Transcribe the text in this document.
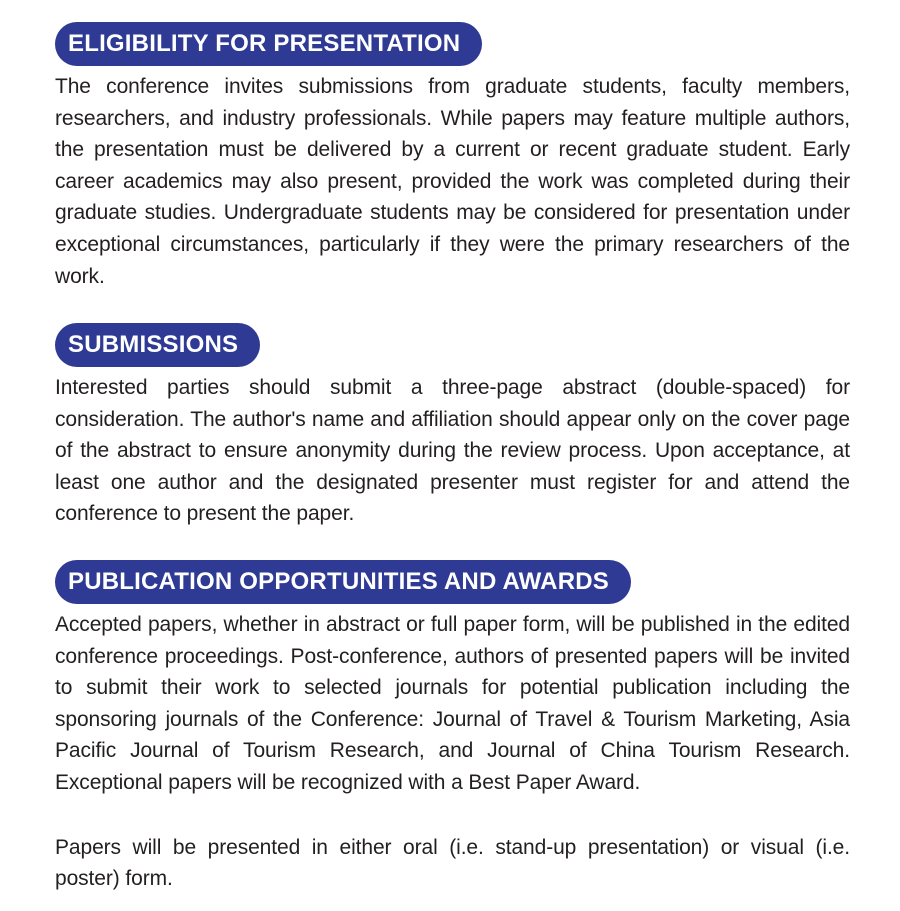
ELIGIBILITY FOR PRESENTATION

The conference invites submissions from graduate students, faculty members, researchers, and industry professionals. While papers may feature multiple authors, the presentation must be delivered by a current or recent graduate student. Early career academics may also present, provided the work was completed during their graduate studies. Undergraduate students may be considered for presentation under exceptional circumstances, particularly if they were the primary researchers of the work.

SUBMISSIONS

Interested parties should submit a three-page abstract (double-spaced) for consideration. The author's name and affiliation should appear only on the cover page of the abstract to ensure anonymity during the review process. Upon acceptance, at least one author and the designated presenter must register for and attend the conference to present the paper.

PUBLICATION OPPORTUNITIES AND AWARDS

Accepted papers, whether in abstract or full paper form, will be published in the edited conference proceedings. Post-conference, authors of presented papers will be invited to submit their work to selected journals for potential publication including the sponsoring journals of the Conference: Journal of Travel & Tourism Marketing, Asia Pacific Journal of Tourism Research, and Journal of China Tourism Research. Exceptional papers will be recognized with a Best Paper Award.

Papers will be presented in either oral (i.e. stand-up presentation) or visual (i.e. poster) form.
